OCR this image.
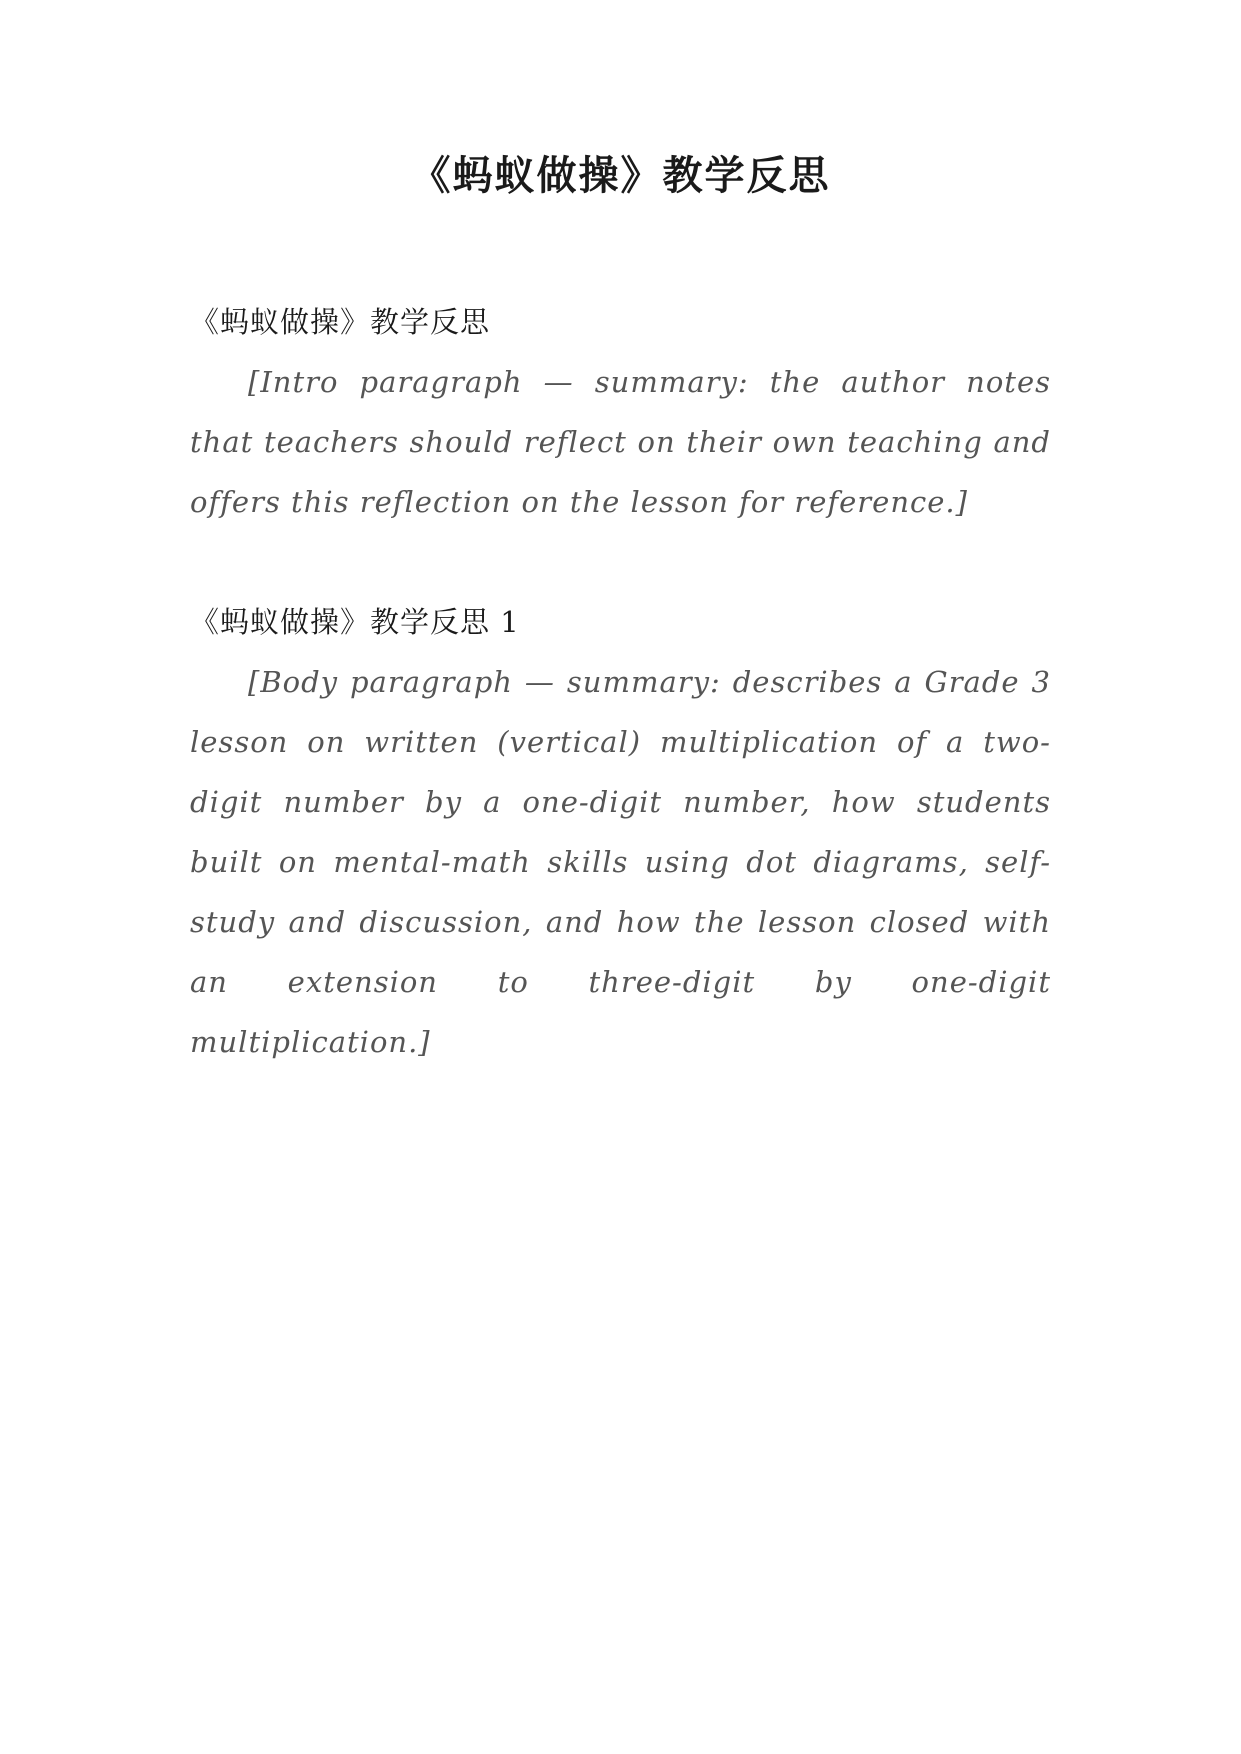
《蚂蚁做操》教学反思

《蚂蚁做操》教学反思

[Intro paragraph — summary: the author notes that teachers should reflect on their own teaching and offers this reflection on the lesson for reference.]

《蚂蚁做操》教学反思 1

[Body paragraph — summary: describes a Grade 3 lesson on written (vertical) multiplication of a two-digit number by a one-digit number, how students built on mental-math skills using dot diagrams, self-study and discussion, and how the lesson closed with an extension to three-digit by one-digit multiplication.]
